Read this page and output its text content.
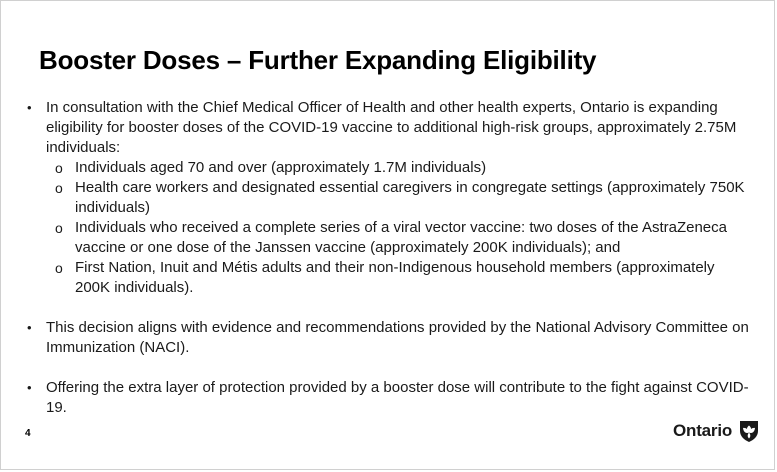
Booster Doses – Further Expanding Eligibility
• In consultation with the Chief Medical Officer of Health and other health experts, Ontario is expanding eligibility for booster doses of the COVID-19 vaccine to additional high-risk groups, approximately 2.75M individuals:
o Individuals aged 70 and over (approximately 1.7M individuals)
o Health care workers and designated essential caregivers in congregate settings (approximately 750K individuals)
o Individuals who received a complete series of a viral vector vaccine: two doses of the AstraZeneca vaccine or one dose of the Janssen vaccine (approximately 200K individuals); and
o First Nation, Inuit and Métis adults and their non-Indigenous household members (approximately 200K individuals).
• This decision aligns with evidence and recommendations provided by the National Advisory Committee on Immunization (NACI).
• Offering the extra layer of protection provided by a booster dose will contribute to the fight against COVID-19.
4	Ontario
